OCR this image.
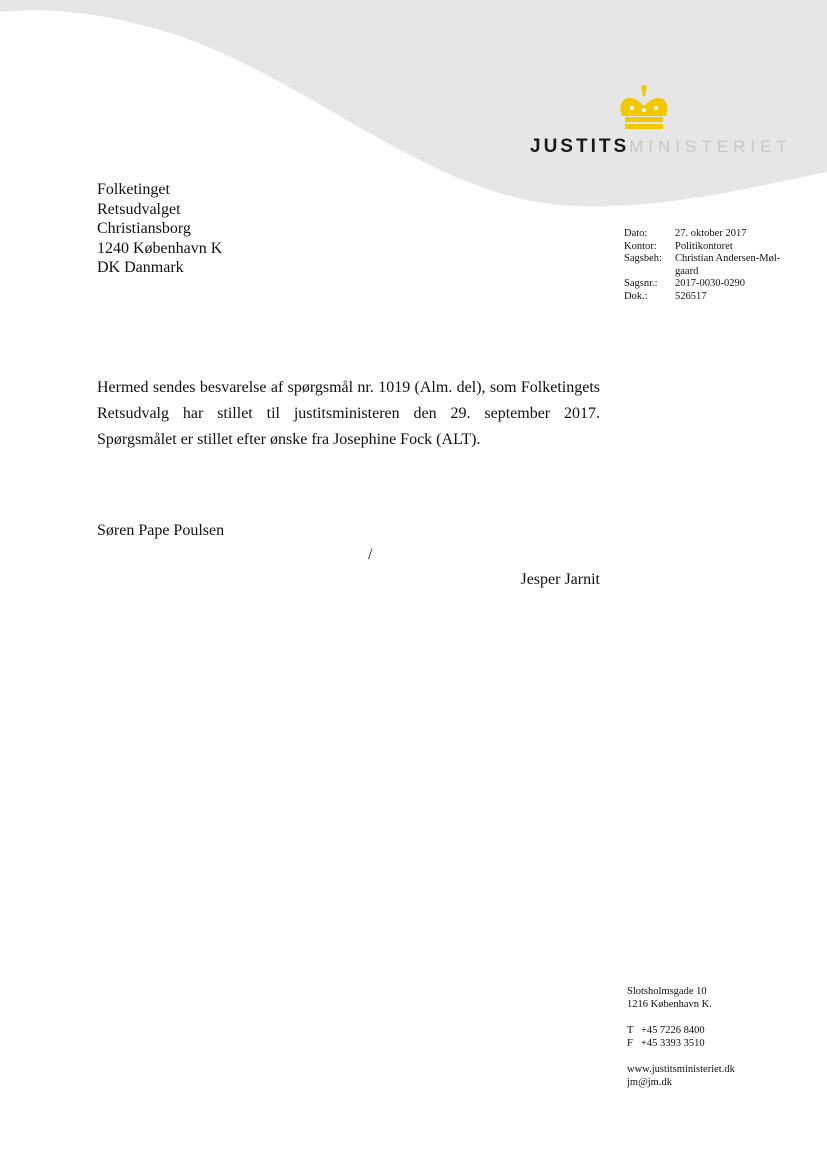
JUSTITSMINISTERIET
Folketinget
Retsudvalget
Christiansborg
1240 København K
DK Danmark
Dato:	27. oktober 2017
Kontor:	Politikontoret
Sagsbeh:	Christian Andersen-Møl-gaard
Sagsnr.:	2017-0030-0290
Dok.:	526517

Hermed sendes besvarelse af spørgsmål nr. 1019 (Alm. del), som Folketingets Retsudvalg har stillet til justitsministeren den 29. september 2017. Spørgsmålet er stillet efter ønske fra Josephine Fock (ALT).

Søren Pape Poulsen
/
Jesper Jarnit
Slotsholmsgade 10
1216 København K.
T +45 7226 8400
F +45 3393 3510
www.justitsministeriet.dk
jm@jm.dk
